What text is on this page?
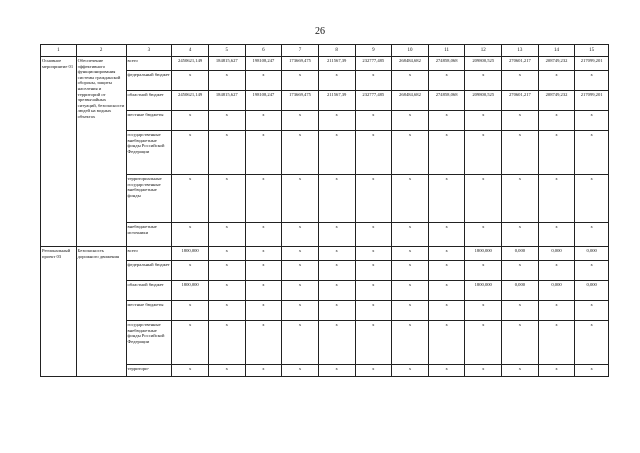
26
1	2	3	4	5	6	7	8	9	10	11	12	13	14	15
Основное мероприятие 01	Обеспечение эффективного функционирования системы гражданской обороны, защиты населения и территорий от чрезвычайных ситуаций, безопасности людей на водных объектах	всего	2450621,149	184815,627	198108,247	173669,475	211567,39	232777,485	268484,682	274858,068	209800,525	270601,217	208749,232	217099,201
		федеральный бюджет	х	х	х	х	х	х	х	х	х	х	х	х
		областной бюджет	2450621,149	184815,627	198108,247	173669,475	211567,39	232777,485	268484,682	274858,068	209800,525	270601,217	208749,232	217099,201
		местные бюджеты	х	х	х	х	х	х	х	х	х	х	х	х
		государственные внебюджетные фонды Российской Федерации	х	х	х	х	х	х	х	х	х	х	х	х
		территориальные государственные внебюджетные фонды	х	х	х	х	х	х	х	х	х	х	х	х
		внебюджетные источники	х	х	х	х	х	х	х	х	х	х	х	х
Региональный проект 03	Безопасность дорожного движения	всего	1800,000	х	х	х	х	х	х	х	1800,000	0,000	0,000	0,000
		федеральный бюджет	х	х	х	х	х	х	х	х	х	х	х	х
		областной бюджет	1800,000	х	х	х	х	х	х	х	1800,000	0,000	0,000	0,000
		местные бюджеты	х	х	х	х	х	х	х	х	х	х	х	х
		государственные внебюджетные фонды Российской Федерации	х	х	х	х	х	х	х	х	х	х	х	х
		территори-	х	х	х	х	х	х	х	х	х	х	х	х
